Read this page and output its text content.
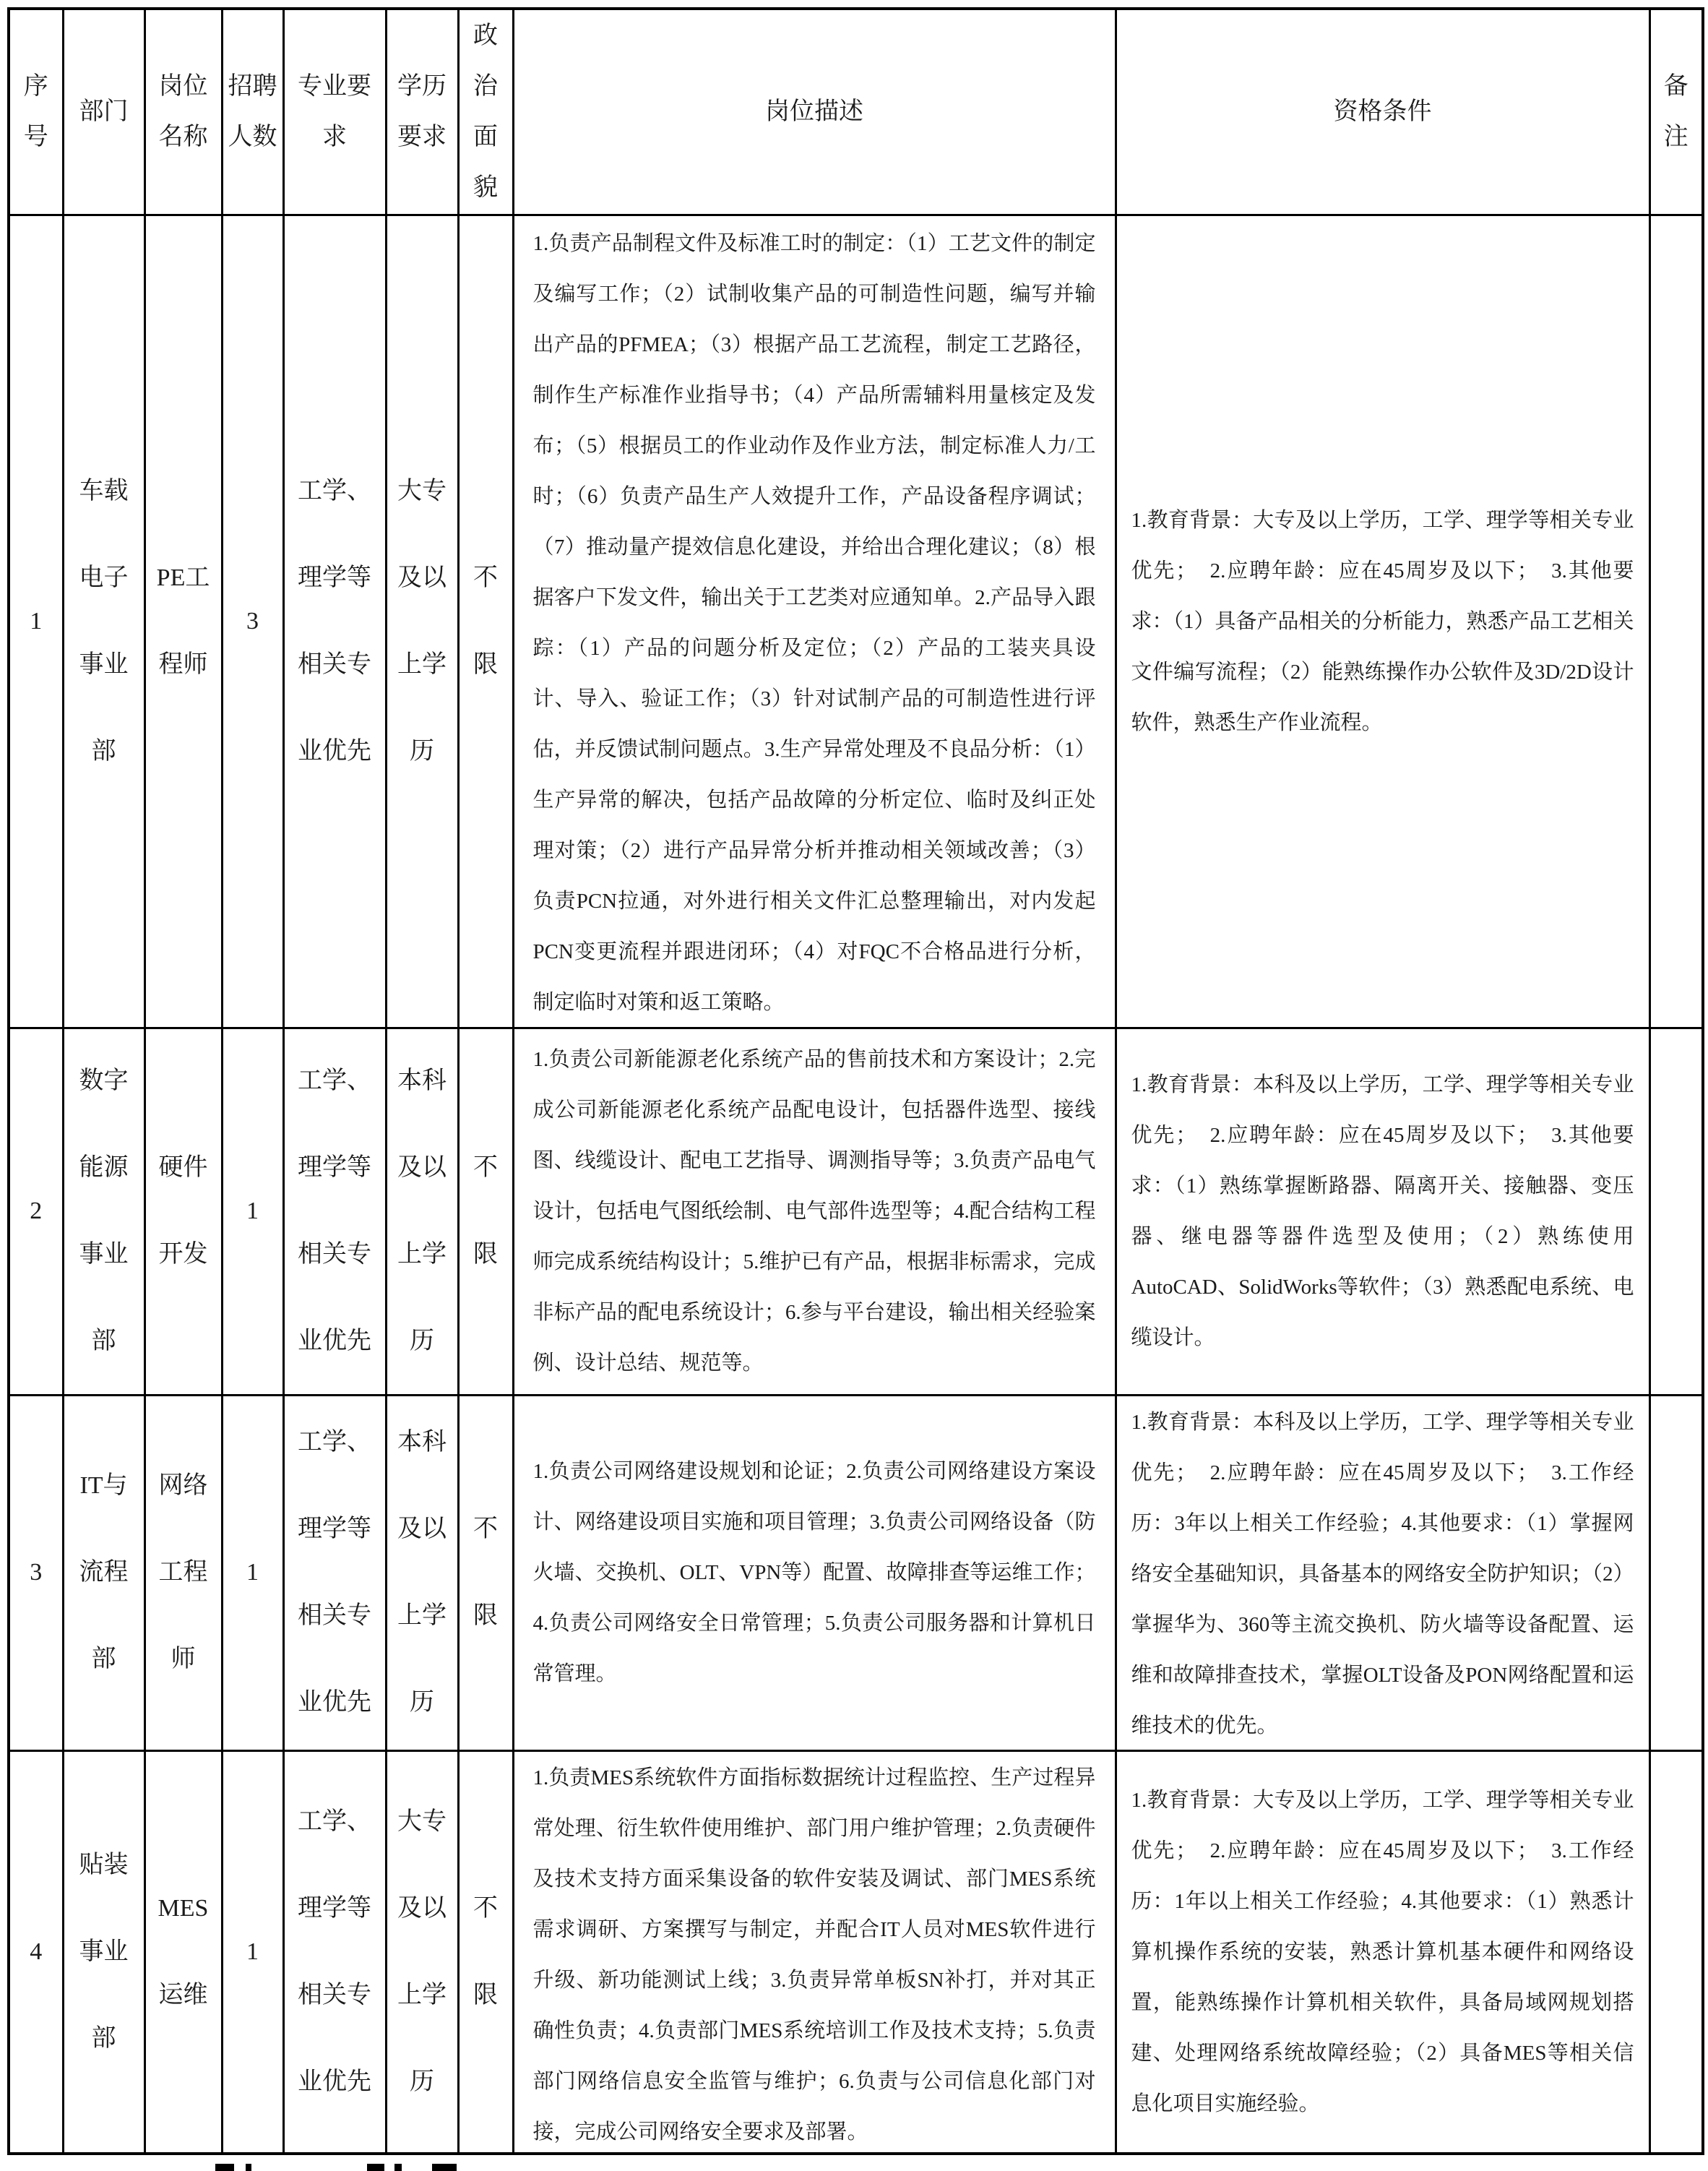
序号	部门	岗位名称	招聘人数	专业要求	学历要求	政治面貌	岗位描述	资格条件	备注
1	车载电子事业部	PE工程师	3	工学、理学等相关专业优先	大专及以上学历	不限	1.负责产品制程文件及标准工时的制定：（1）工艺文件的制定及编写工作；（2）试制收集产品的可制造性问题，编写并输出产品的PFMEA；（3）根据产品工艺流程，制定工艺路径，制作生产标准作业指导书；（4）产品所需辅料用量核定及发布；（5）根据员工的作业动作及作业方法，制定标准人力/工时；（6）负责产品生产人效提升工作，产品设备程序调试；（7）推动量产提效信息化建设，并给出合理化建议；（8）根据客户下发文件，输出关于工艺类对应通知单。2.产品导入跟踪：（1）产品的问题分析及定位；（2）产品的工装夹具设计、导入、验证工作；（3）针对试制产品的可制造性进行评估，并反馈试制问题点。3.生产异常处理及不良品分析：（1）生产异常的解决，包括产品故障的分析定位、临时及纠正处理对策；（2）进行产品异常分析并推动相关领域改善；（3）负责PCN拉通，对外进行相关文件汇总整理输出，对内发起PCN变更流程并跟进闭环；（4）对FQC不合格品进行分析，制定临时对策和返工策略。	1.教育背景：大专及以上学历，工学、理学等相关专业优先；　2.应聘年龄：应在45周岁及以下；　3.其他要求：（1）具备产品相关的分析能力，熟悉产品工艺相关文件编写流程；（2）能熟练操作办公软件及3D/2D设计软件，熟悉生产作业流程。	

2	数字能源事业部	硬件开发	1	工学、理学等相关专业优先	本科及以上学历	不限	1.负责公司新能源老化系统产品的售前技术和方案设计；2.完成公司新能源老化系统产品配电设计，包括器件选型、接线图、线缆设计、配电工艺指导、调测指导等；3.负责产品电气设计，包括电气图纸绘制、电气部件选型等；4.配合结构工程师完成系统结构设计；5.维护已有产品，根据非标需求，完成非标产品的配电系统设计；6.参与平台建设，输出相关经验案例、设计总结、规范等。	1.教育背景：本科及以上学历，工学、理学等相关专业优先；　2.应聘年龄：应在45周岁及以下；　3.其他要求：（1）熟练掌握断路器、隔离开关、接触器、变压器、继电器等器件选型及使用；（2）熟练使用AutoCAD、SolidWorks等软件；（3）熟悉配电系统、电缆设计。	

3	IT与流程部	网络工程师	1	工学、理学等相关专业优先	本科及以上学历	不限	1.负责公司网络建设规划和论证；2.负责公司网络建设方案设计、网络建设项目实施和项目管理；3.负责公司网络设备（防火墙、交换机、OLT、VPN等）配置、故障排查等运维工作；4.负责公司网络安全日常管理；5.负责公司服务器和计算机日常管理。	1.教育背景：本科及以上学历，工学、理学等相关专业优先；　2.应聘年龄：应在45周岁及以下；　3.工作经历：3年以上相关工作经验；4.其他要求：（1）掌握网络安全基础知识，具备基本的网络安全防护知识；（2）掌握华为、360等主流交换机、防火墙等设备配置、运维和故障排查技术，掌握OLT设备及PON网络配置和运维技术的优先。	

4	贴装事业部	MES运维	1	工学、理学等相关专业优先	大专及以上学历	不限	1.负责MES系统软件方面指标数据统计过程监控、生产过程异常处理、衍生软件使用维护、部门用户维护管理；2.负责硬件及技术支持方面采集设备的软件安装及调试、部门MES系统需求调研、方案撰写与制定，并配合IT人员对MES软件进行升级、新功能测试上线；3.负责异常单板SN补打，并对其正确性负责；4.负责部门MES系统培训工作及技术支持；5.负责部门网络信息安全监管与维护；6.负责与公司信息化部门对接，完成公司网络安全要求及部署。	1.教育背景：大专及以上学历，工学、理学等相关专业优先；　2.应聘年龄：应在45周岁及以下；　3.工作经历：1年以上相关工作经验；4.其他要求：（1）熟悉计算机操作系统的安装，熟悉计算机基本硬件和网络设置，能熟练操作计算机相关软件，具备局域网规划搭建、处理网络系统故障经验；（2）具备MES等相关信息化项目实施经验。	
